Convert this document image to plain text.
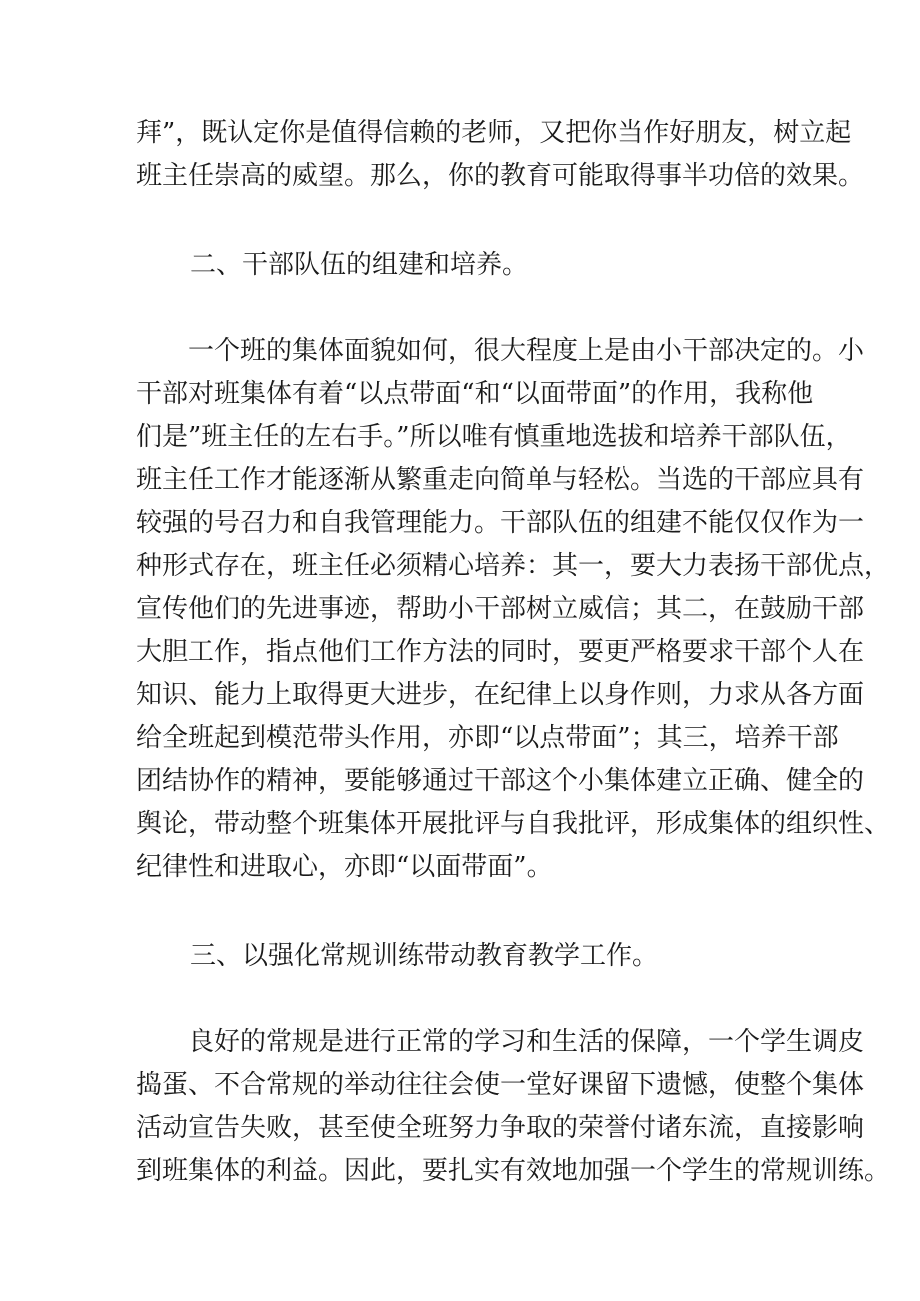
拜”，既认定你是值得信赖的老师，又把你当作好朋友，树立起
班主任崇高的威望。那么，你的教育可能取得事半功倍的效果。
二、干部队伍的组建和培养。
　　一个班的集体面貌如何，很大程度上是由小干部决定的。小
干部对班集体有着“以点带面“和“以面带面”的作用，我称他
们是”班主任的左右手。”所以唯有慎重地选拔和培养干部队伍，
班主任工作才能逐渐从繁重走向简单与轻松。当选的干部应具有
较强的号召力和自我管理能力。干部队伍的组建不能仅仅作为一
种形式存在，班主任必须精心培养：其一，要大力表扬干部优点，
宣传他们的先进事迹，帮助小干部树立威信；其二，在鼓励干部
大胆工作，指点他们工作方法的同时，要更严格要求干部个人在
知识、能力上取得更大进步，在纪律上以身作则，力求从各方面
给全班起到模范带头作用，亦即“以点带面”；其三，培养干部
团结协作的精神，要能够通过干部这个小集体建立正确、健全的
舆论，带动整个班集体开展批评与自我批评，形成集体的组织性、
纪律性和进取心，亦即“以面带面”。
三、以强化常规训练带动教育教学工作。
　　良好的常规是进行正常的学习和生活的保障，一个学生调皮
捣蛋、不合常规的举动往往会使一堂好课留下遗憾，使整个集体
活动宣告失败，甚至使全班努力争取的荣誉付诸东流，直接影响
到班集体的利益。因此，要扎实有效地加强一个学生的常规训练。
